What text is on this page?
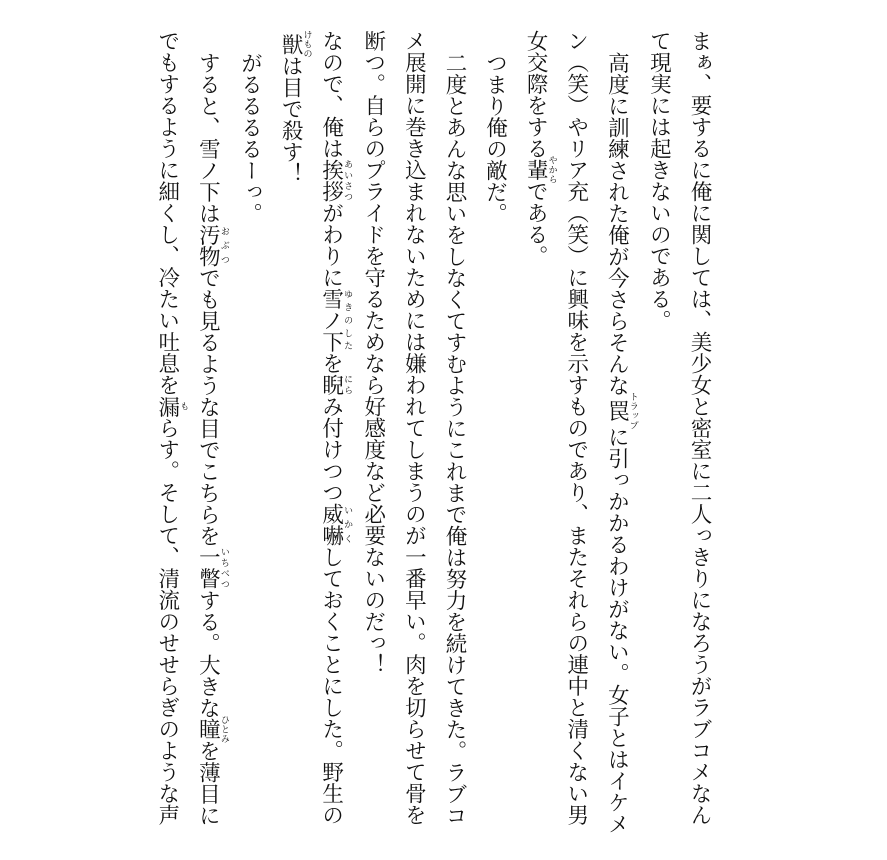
まぁ、要するに俺に関しては、美少女と密室に二人っきりになろうがラブコメなんて現実には起きないのである。

高度に訓練された俺が今さらそんな罠トラップに引っかかるわけがない。女子とはイケメン（笑）やリア充（笑）に興味を示すものであり、またそれらの連中と清くない男女交際をする輩やからである。

つまり俺の敵だ。

二度とあんな思いをしなくてすむようにこれまで俺は努力を続けてきた。ラブコメ展開に巻き込まれないためには嫌われてしまうのが一番早い。肉を切らせて骨を断つ。自らのプライドを守るためなら好感度など必要ないのだっ！

なので、俺は挨拶あいさつがわりに雪ノ下ゆきのしたを睨にらみ付けつつ威嚇いかくしておくことにした。野生の獣けものは目で殺す！

がるるるるーっ。

すると、雪ノ下は汚物おぶつでも見るような目でこちらを一瞥いちべつする。大きな瞳ひとみを薄目にでもするように細くし、冷たい吐息を漏もらす。そして、清流のせせらぎのような声
